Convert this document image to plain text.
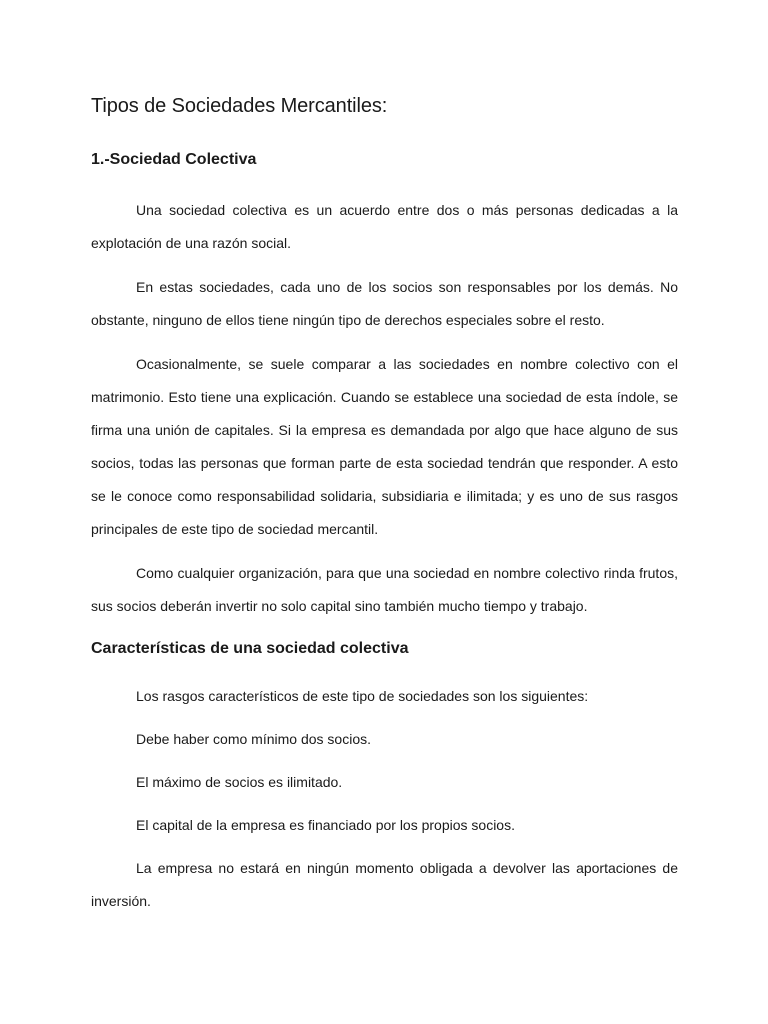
Tipos de Sociedades Mercantiles:
1.-Sociedad Colectiva

Una sociedad colectiva es un acuerdo entre dos o más personas dedicadas a la explotación de una razón social.

En estas sociedades, cada uno de los socios son responsables por los demás. No obstante, ninguno de ellos tiene ningún tipo de derechos especiales sobre el resto.

Ocasionalmente, se suele comparar a las sociedades en nombre colectivo con el matrimonio. Esto tiene una explicación. Cuando se establece una sociedad de esta índole, se firma una unión de capitales. Si la empresa es demandada por algo que hace alguno de sus socios, todas las personas que forman parte de esta sociedad tendrán que responder. A esto se le conoce como responsabilidad solidaria, subsidiaria e ilimitada; y es uno de sus rasgos principales de este tipo de sociedad mercantil.

Como cualquier organización, para que una sociedad en nombre colectivo rinda frutos, sus socios deberán invertir no solo capital sino también mucho tiempo y trabajo.

Características de una sociedad colectiva

Los rasgos característicos de este tipo de sociedades son los siguientes:

Debe haber como mínimo dos socios.

El máximo de socios es ilimitado.

El capital de la empresa es financiado por los propios socios.

La empresa no estará en ningún momento obligada a devolver las aportaciones de inversión.
